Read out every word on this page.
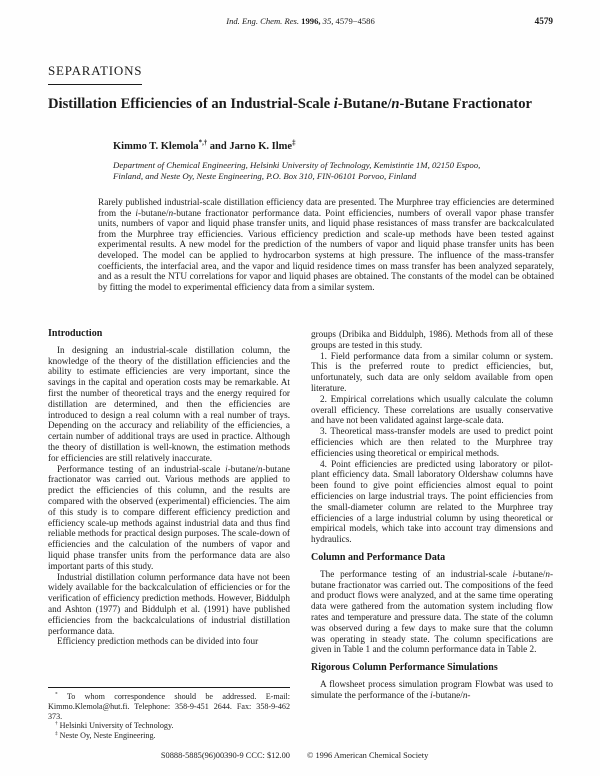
Ind. Eng. Chem. Res. 1996, 35, 4579−4586	4579
SEPARATIONS
Distillation Efficiencies of an Industrial-Scale i-Butane/n-Butane Fractionator
Kimmo T. Klemola*,† and Jarno K. Ilme‡
Department of Chemical Engineering, Helsinki University of Technology, Kemistintie 1M, 02150 Espoo,
Finland, and Neste Oy, Neste Engineering, P.O. Box 310, FIN-06101 Porvoo, Finland
Rarely published industrial-scale distillation efficiency data are presented. The Murphree tray efficiencies are determined from the i-butane/n-butane fractionator performance data. Point efficiencies, numbers of overall vapor phase transfer units, numbers of vapor and liquid phase transfer units, and liquid phase resistances of mass transfer are backcalculated from the Murphree tray efficiencies. Various efficiency prediction and scale-up methods have been tested against experimental results. A new model for the prediction of the numbers of vapor and liquid phase transfer units has been developed. The model can be applied to hydrocarbon systems at high pressure. The influence of the mass-transfer coefficients, the interfacial area, and the vapor and liquid residence times on mass transfer has been analyzed separately, and as a result the NTU correlations for vapor and liquid phases are obtained. The constants of the model can be obtained by fitting the model to experimental efficiency data from a similar system.
Introduction

In designing an industrial-scale distillation column, the knowledge of the theory of the distillation efficiencies and the ability to estimate efficiencies are very important, since the savings in the capital and operation costs may be remarkable. At first the number of theoretical trays and the energy required for distillation are determined, and then the efficiencies are introduced to design a real column with a real number of trays. Depending on the accuracy and reliability of the efficiencies, a certain number of additional trays are used in practice. Although the theory of distillation is well-known, the estimation methods for efficiencies are still relatively inaccurate.

Performance testing of an industrial-scale i-butane/n-butane fractionator was carried out. Various methods are applied to predict the efficiencies of this column, and the results are compared with the observed (experimental) efficiencies. The aim of this study is to compare different efficiency prediction and efficiency scale-up methods against industrial data and thus find reliable methods for practical design purposes. The scale-down of efficiencies and the calculation of the numbers of vapor and liquid phase transfer units from the performance data are also important parts of this study.

Industrial distillation column performance data have not been widely available for the backcalculation of efficiencies or for the verification of efficiency prediction methods. However, Biddulph and Ashton (1977) and Biddulph et al. (1991) have published efficiencies from the backcalculations of industrial distillation performance data.

Efficiency prediction methods can be divided into four

* To whom correspondence should be addressed. E-mail: Kimmo.Klemola@hut.fi. Telephone: 358-9-451 2644. Fax: 358-9-462 373.

† Helsinki University of Technology.

‡ Neste Oy, Neste Engineering.

groups (Dribika and Biddulph, 1986). Methods from all of these groups are tested in this study.

1. Field performance data from a similar column or system. This is the preferred route to predict efficiencies, but, unfortunately, such data are only seldom available from open literature.

2. Empirical correlations which usually calculate the column overall efficiency. These correlations are usually conservative and have not been validated against large-scale data.

3. Theoretical mass-transfer models are used to predict point efficiencies which are then related to the Murphree tray efficiencies using theoretical or empirical methods.

4. Point efficiencies are predicted using laboratory or pilot-plant efficiency data. Small laboratory Oldershaw columns have been found to give point efficiencies almost equal to point efficiencies on large industrial trays. The point efficiencies from the small-diameter column are related to the Murphree tray efficiencies of a large industrial column by using theoretical or empirical models, which take into account tray dimensions and hydraulics.

Column and Performance Data

The performance testing of an industrial-scale i-butane/n-butane fractionator was carried out. The compositions of the feed and product flows were analyzed, and at the same time operating data were gathered from the automation system including flow rates and temperature and pressure data. The state of the column was observed during a few days to make sure that the column was operating in steady state. The column specifications are given in Table 1 and the column performance data in Table 2.

Rigorous Column Performance Simulations

A flowsheet process simulation program Flowbat was used to simulate the performance of the i-butane/n-

S0888-5885(96)00390-9 CCC: $12.00 © 1996 American Chemical Society
